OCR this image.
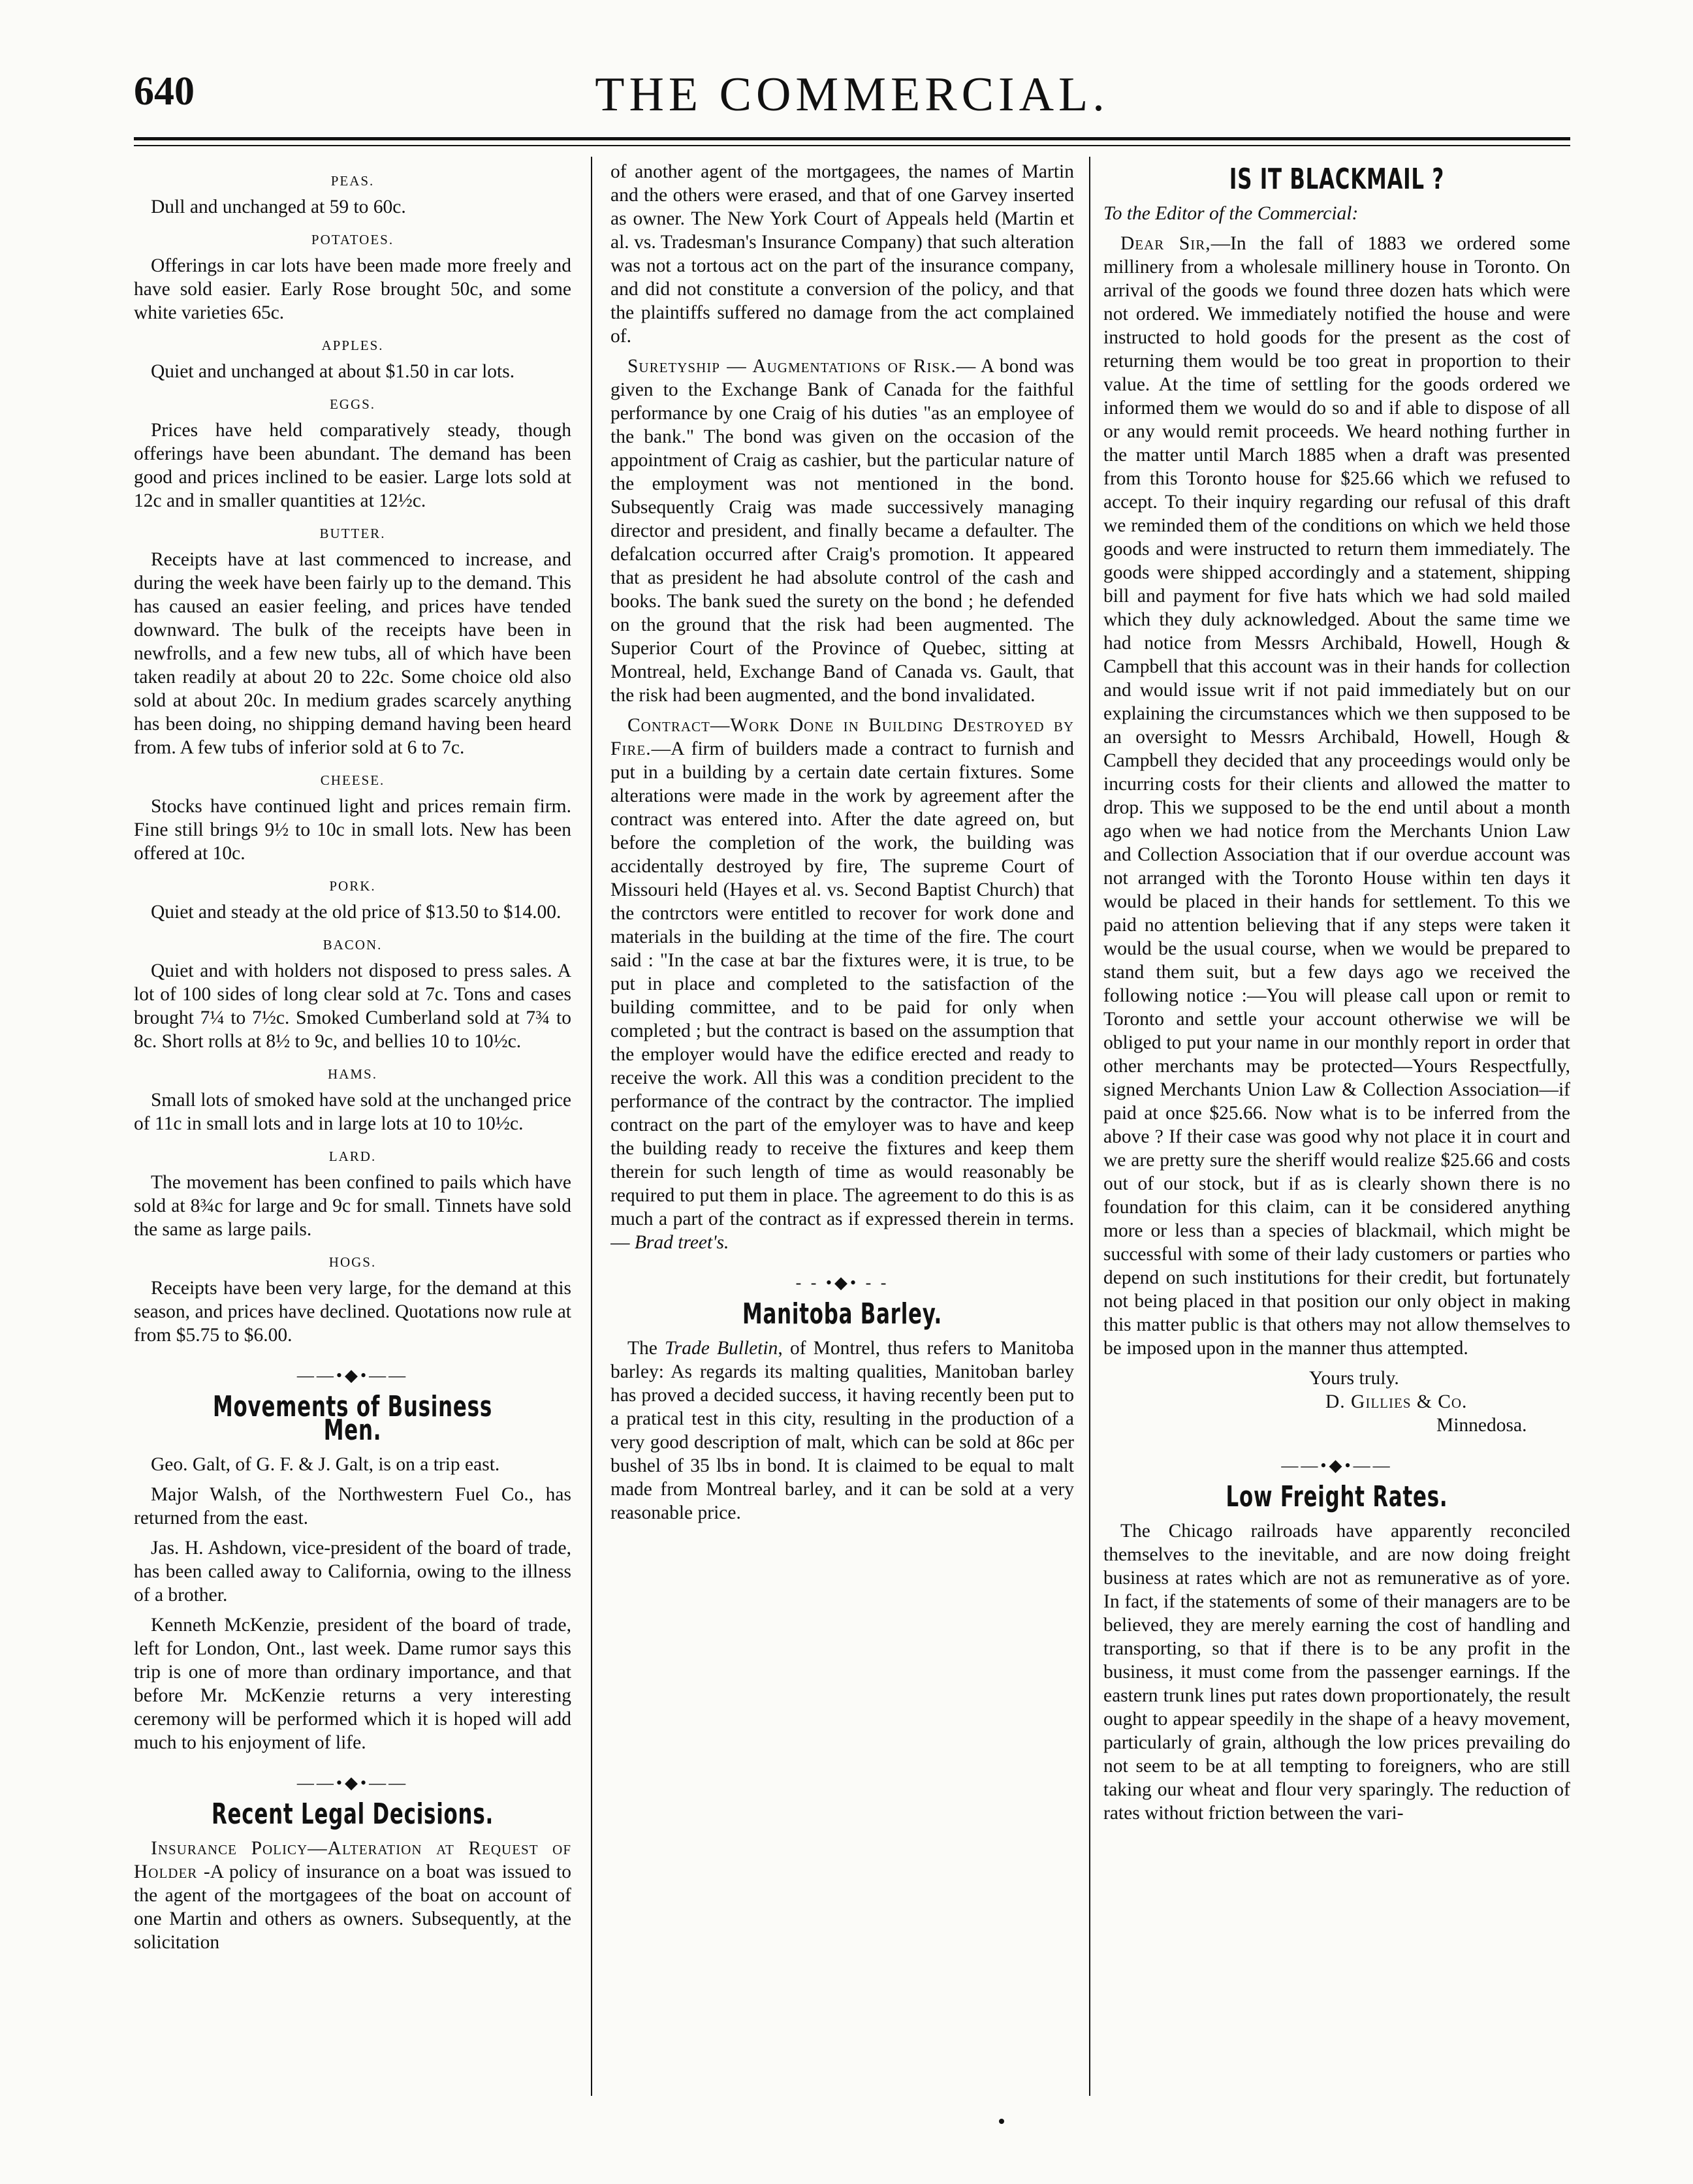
640	THE COMMERCIAL.
PEAS.

Dull and unchanged at 59 to 60c.

POTATOES.

Offerings in car lots have been made more freely and have sold easier. Early Rose brought 50c, and some white varieties 65c.

APPLES.

Quiet and unchanged at about $1.50 in car lots.

EGGS.

Prices have held comparatively steady, though offerings have been abundant. The demand has been good and prices inclined to be easier. Large lots sold at 12c and in smaller quantities at 12½c.

BUTTER.

Receipts have at last commenced to increase, and during the week have been fairly up to the demand. This has caused an easier feeling, and prices have tended downward. The bulk of the receipts have been in newfrolls, and a few new tubs, all of which have been taken readily at about 20 to 22c. Some choice old also sold at about 20c. In medium grades scarcely anything has been doing, no shipping demand having been heard from. A few tubs of inferior sold at 6 to 7c.

CHEESE.

Stocks have continued light and prices remain firm. Fine still brings 9½ to 10c in small lots. New has been offered at 10c.

PORK.

Quiet and steady at the old price of $13.50 to $14.00.

BACON.

Quiet and with holders not disposed to press sales. A lot of 100 sides of long clear sold at 7c. Tons and cases brought 7¼ to 7½c. Smoked Cumberland sold at 7¾ to 8c. Short rolls at 8½ to 9c, and bellies 10 to 10½c.

HAMS.

Small lots of smoked have sold at the unchanged price of 11c in small lots and in large lots at 10 to 10½c.

LARD.

The movement has been confined to pails which have sold at 8¾c for large and 9c for small. Tinnets have sold the same as large pails.

HOGS.

Receipts have been very large, for the demand at this season, and prices have declined. Quotations now rule at from $5.75 to $6.00.

——•◆•——
Movements of Business Men.

Geo. Galt, of G. F. & J. Galt, is on a trip east.

Major Walsh, of the Northwestern Fuel Co., has returned from the east.

Jas. H. Ashdown, vice-president of the board of trade, has been called away to California, owing to the illness of a brother.

Kenneth McKenzie, president of the board of trade, left for London, Ont., last week. Dame rumor says this trip is one of more than ordinary importance, and that before Mr. McKenzie returns a very interesting ceremony will be performed which it is hoped will add much to his enjoyment of life.

——•◆•——
Recent Legal Decisions.

Insurance Policy—Alteration at Request of Holder -A policy of insurance on a boat was issued to the agent of the mortgagees of the boat on account of one Martin and others as owners. Subsequently, at the solicitation

of another agent of the mortgagees, the names of Martin and the others were erased, and that of one Garvey inserted as owner. The New York Court of Appeals held (Martin et al. vs. Tradesman's Insurance Company) that such alteration was not a tortous act on the part of the insurance company, and did not constitute a conversion of the policy, and that the plaintiffs suffered no damage from the act complained of.

Suretyship — Augmentations of Risk.— A bond was given to the Exchange Bank of Canada for the faithful performance by one Craig of his duties "as an employee of the bank." The bond was given on the occasion of the appointment of Craig as cashier, but the particular nature of the employment was not mentioned in the bond. Subsequently Craig was made successively managing director and president, and finally became a defaulter. The defalcation occurred after Craig's promotion. It appeared that as president he had absolute control of the cash and books. The bank sued the surety on the bond ; he defended on the ground that the risk had been augmented. The Superior Court of the Province of Quebec, sitting at Montreal, held, Exchange Band of Canada vs. Gault, that the risk had been augmented, and the bond invalidated.

Contract—Work Done in Building Destroyed by Fire.—A firm of builders made a contract to furnish and put in a building by a certain date certain fixtures. Some alterations were made in the work by agreement after the contract was entered into. After the date agreed on, but before the completion of the work, the building was accidentally destroyed by fire, The supreme Court of Missouri held (Hayes et al. vs. Second Baptist Church) that the contrctors were entitled to recover for work done and materials in the building at the time of the fire. The court said : "In the case at bar the fixtures were, it is true, to be put in place and completed to the satisfaction of the building committee, and to be paid for only when completed ; but the contract is based on the assumption that the employer would have the edifice erected and ready to receive the work. All this was a condition precident to the performance of the contract by the contractor. The implied contract on the part of the emyloyer was to have and keep the building ready to receive the fixtures and keep them therein for such length of time as would reasonably be required to put them in place. The agreement to do this is as much a part of the contract as if expressed therein in terms.— Brad treet's.

- - •◆• - -
Manitoba Barley.

The Trade Bulletin, of Montrel, thus refers to Manitoba barley: As regards its malting qualities, Manitoban barley has proved a decided success, it having recently been put to a pratical test in this city, resulting in the production of a very good description of malt, which can be sold at 86c per bushel of 35 lbs in bond. It is claimed to be equal to malt made from Montreal barley, and it can be sold at a very reasonable price.

IS IT BLACKMAIL ?

To the Editor of the Commercial:

Dear Sir,—In the fall of 1883 we ordered some millinery from a wholesale millinery house in Toronto. On arrival of the goods we found three dozen hats which were not ordered. We immediately notified the house and were instructed to hold goods for the present as the cost of returning them would be too great in proportion to their value. At the time of settling for the goods ordered we informed them we would do so and if able to dispose of all or any would remit proceeds. We heard nothing further in the matter until March 1885 when a draft was presented from this Toronto house for $25.66 which we refused to accept. To their inquiry regarding our refusal of this draft we reminded them of the conditions on which we held those goods and were instructed to return them immediately. The goods were shipped accordingly and a statement, shipping bill and payment for five hats which we had sold mailed which they duly acknowledged. About the same time we had notice from Messrs Archibald, Howell, Hough & Campbell that this account was in their hands for collection and would issue writ if not paid immediately but on our explaining the circumstances which we then supposed to be an oversight to Messrs Archibald, Howell, Hough & Campbell they decided that any proceedings would only be incurring costs for their clients and allowed the matter to drop. This we supposed to be the end until about a month ago when we had notice from the Merchants Union Law and Collection Association that if our overdue account was not arranged with the Toronto House within ten days it would be placed in their hands for settlement. To this we paid no attention believing that if any steps were taken it would be the usual course, when we would be prepared to stand them suit, but a few days ago we received the following notice :—You will please call upon or remit to Toronto and settle your account otherwise we will be obliged to put your name in our monthly report in order that other merchants may be protected—Yours Respectfully, signed Merchants Union Law & Collection Association—if paid at once $25.66. Now what is to be inferred from the above ? If their case was good why not place it in court and we are pretty sure the sheriff would realize $25.66 and costs out of our stock, but if as is clearly shown there is no foundation for this claim, can it be considered anything more or less than a species of blackmail, which might be successful with some of their lady customers or parties who depend on such institutions for their credit, but fortunately not being placed in that position our only object in making this matter public is that others may not allow themselves to be imposed upon in the manner thus attempted.

Yours truly.

D. Gillies & Co.

Minnedosa.

——•◆•——
Low Freight Rates.

The Chicago railroads have apparently reconciled themselves to the inevitable, and are now doing freight business at rates which are not as remunerative as of yore. In fact, if the statements of some of their managers are to be believed, they are merely earning the cost of handling and transporting, so that if there is to be any profit in the business, it must come from the passenger earnings. If the eastern trunk lines put rates down proportionately, the result ought to appear speedily in the shape of a heavy movement, particularly of grain, although the low prices prevailing do not seem to be at all tempting to foreigners, who are still taking our wheat and flour very sparingly. The reduction of rates without friction between the vari-
